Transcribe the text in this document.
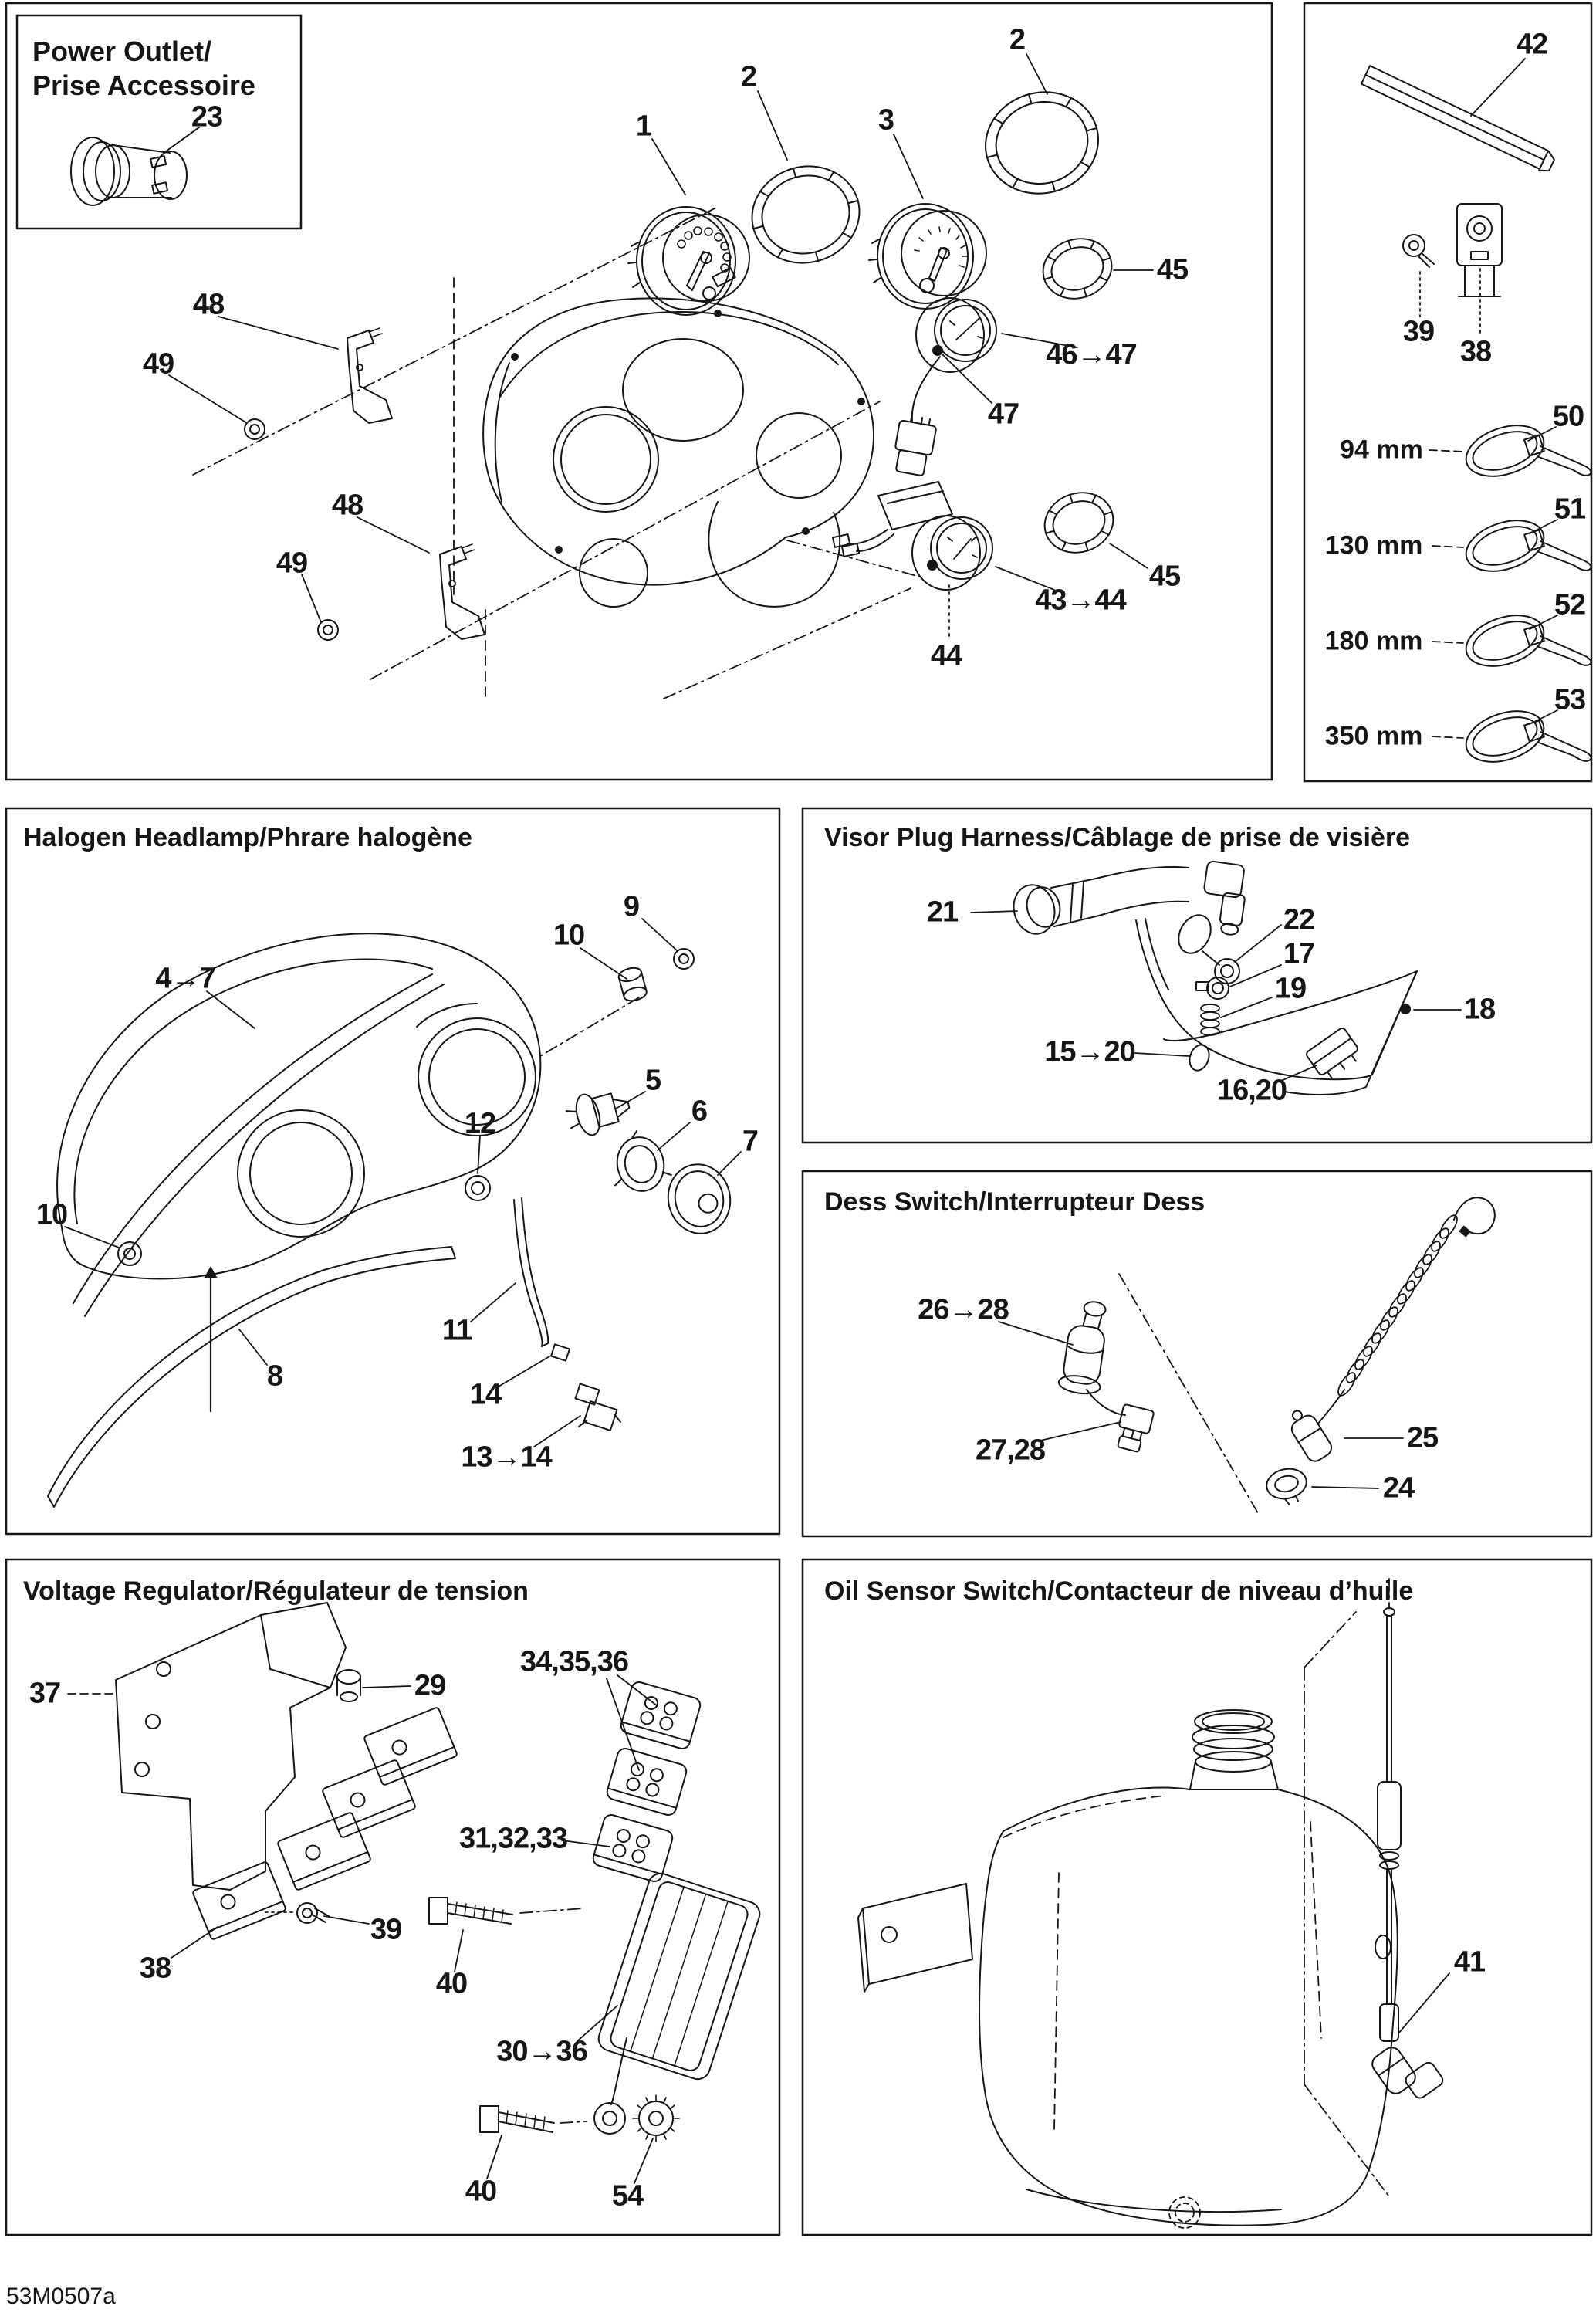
Power Outlet/
Prise Accessoire
Halogen Headlamp/Phrare halogène	Visor Plug Harness/Câblage de prise de visière
Dess Switch/Interrupteur Dess
Voltage Regulator/Régulateur de tension	Oil Sensor Switch/Contacteur de niveau d’huile
23	1
2
3
2
45
46→47
47
45
43→44
44
48
49
48
49
42
39
38
50
94 mm
51
130 mm
52
180 mm
53
350 mm
4→7
10
9
5
6
7
12
10
8
11
14
13→14
21	22
17
19
18
15→20
16,20
26→28
27,28	25
24
37	29
34,35,36
31,32,33
39
38	40
30→36
40	54
41
53M0507a
